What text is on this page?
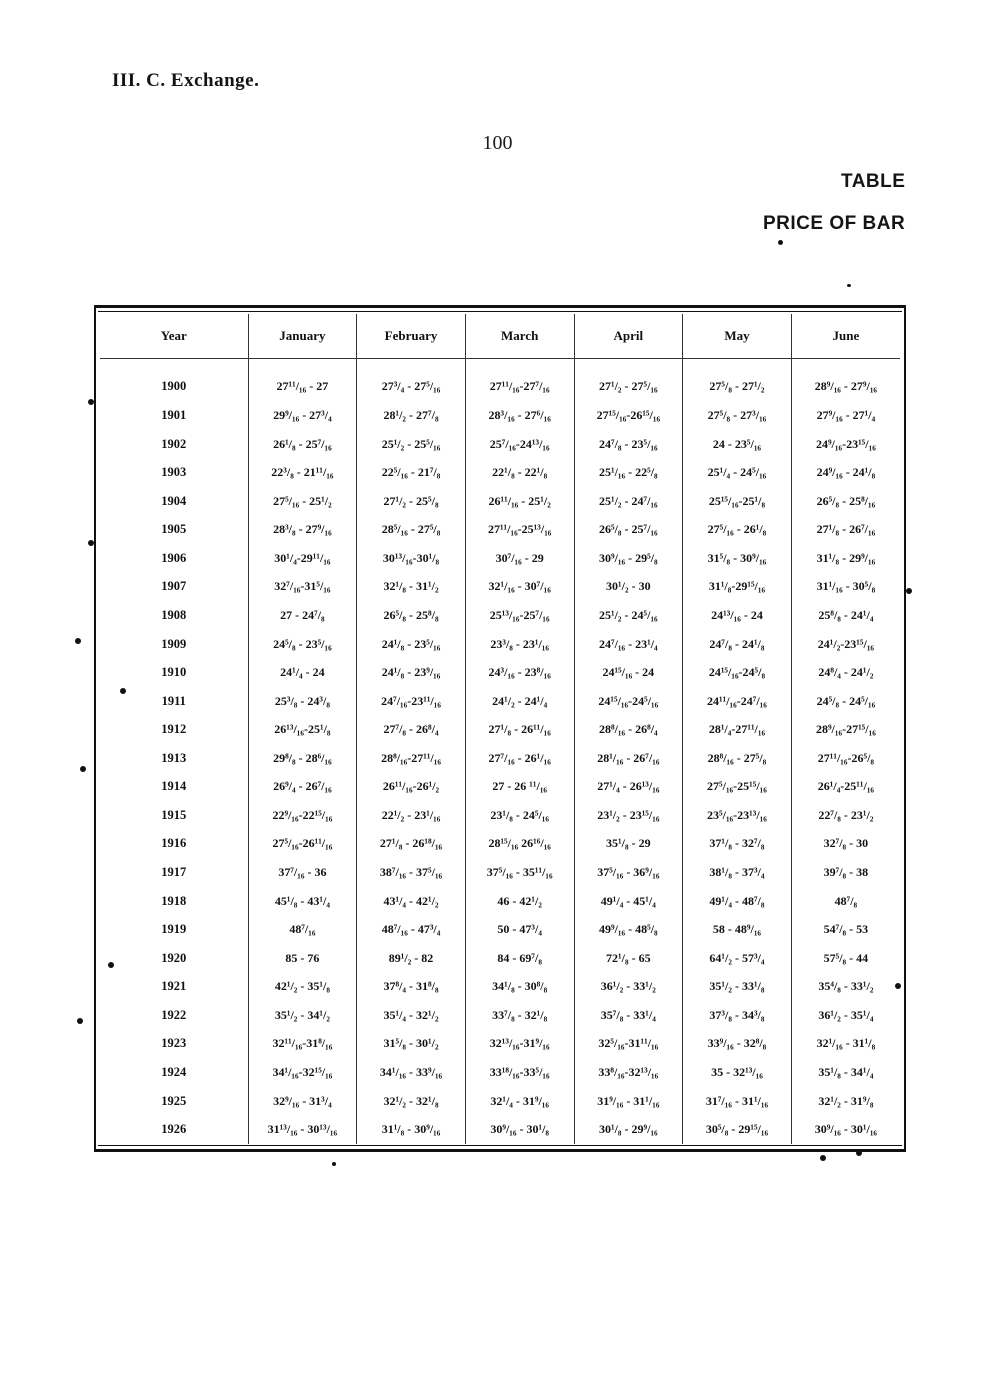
III. C. Exchange.
100
TABLE
PRICE OF BAR
Year	January	February	March	April	May	June

1900	27¹¹/₁₆ - 27	27³/₄ - 27⁵/₁₆	27¹¹/₁₆-27⁷/₁₆	27¹/₂ - 27⁵/₁₆	27⁵/₈ - 27¹/₂	28⁹/₁₆ - 27⁹/₁₆
1901	29⁹/₁₆ - 27³/₄	28¹/₂ - 27⁷/₈	28³/₁₆ - 27⁶/₁₆	27¹⁵/₁₆-26¹⁵/₁₆	27⁵/₈ - 27³/₁₆	27⁹/₁₆ - 27¹/₄
1902	26¹/₈ - 25⁷/₁₆	25¹/₂ - 25⁵/₁₆	25⁷/₁₆-24¹³/₁₆	24⁷/₈ - 23⁵/₁₆	24 - 23⁵/₁₆	24⁹/₁₆-23¹⁵/₁₆
1903	22³/₈ - 21¹¹/₁₆	22⁵/₁₆ - 21⁷/₈	22¹/₈ - 22¹/₈	25¹/₁₆ - 22⁵/₈	25¹/₄ - 24⁵/₁₆	24⁹/₁₆ - 24¹/₈
1904	27⁵/₁₆ - 25¹/₂	27¹/₂ - 25⁵/₈	26¹¹/₁₆ - 25¹/₂	25¹/₂ - 24⁷/₁₆	25¹⁵/₁₆-25¹/₈	26⁵/₈ - 25⁸/₁₆
1905	28³/₈ - 27⁹/₁₆	28⁵/₁₆ - 27⁵/₈	27¹¹/₁₆-25¹³/₁₆	26⁵/₈ - 25⁷/₁₆	27⁵/₁₆ - 26¹/₈	27¹/₈ - 26⁷/₁₆
1906	30¹/₄-29¹¹/₁₆	30¹³/₁₆-30¹/₈	30⁷/₁₆ - 29	30⁹/₁₆ - 29⁵/₈	31⁵/₈ - 30⁹/₁₆	31¹/₈ - 29⁹/₁₆
1907	32⁷/₁₆-31⁵/₁₆	32¹/₈ - 31¹/₂	32¹/₁₆ - 30⁷/₁₆	30¹/₂ - 30	31¹/₈-29¹⁵/₁₆	31¹/₁₆ - 30⁵/₈
1908	27 - 24⁷/₈	26⁵/₈ - 25⁸/₈	25¹³/₁₆-25⁷/₁₆	25¹/₂ - 24⁵/₁₆	24¹³/₁₆ - 24	25⁸/₈ - 24¹/₄
1909	24⁵/₈ - 23⁵/₁₆	24¹/₈ - 23⁵/₁₆	23³/₈ - 23¹/₁₆	24⁷/₁₆ - 23¹/₄	24⁷/₈ - 24¹/₈	24¹/₂-23¹⁵/₁₆
1910	24¹/₄ - 24	24¹/₈ - 23⁹/₁₆	24³/₁₆ - 23⁸/₁₆	24¹⁵/₁₆ - 24	24¹⁵/₁₆-24⁵/₈	24⁸/₄ - 24¹/₂
1911	25³/₈ - 24³/₈	24⁷/₁₆-23¹¹/₁₆	24¹/₂ - 24¹/₄	24¹⁵/₁₆-24⁵/₁₆	24¹¹/₁₆-24⁷/₁₆	24⁵/₈ - 24⁵/₁₆
1912	26¹³/₁₆-25¹/₈	27⁷/₈ - 26⁸/₄	27¹/₈ - 26¹¹/₁₆	28⁸/₁₆ - 26⁸/₄	28¹/₄-27¹¹/₁₆	28⁹/₁₆-27¹⁵/₁₆
1913	29⁸/₈ - 28⁶/₁₆	28⁸/₁₆-27¹¹/₁₆	27⁷/₁₆ - 26¹/₁₆	28¹/₁₆ - 26⁷/₁₆	28⁸/₁₆ - 27⁵/₈	27¹¹/₁₆-26⁵/₈
1914	26⁹/₄ - 26⁷/₁₆	26¹¹/₁₆-26¹/₂	27 - 26 ¹¹/₁₆	27¹/₄ - 26¹³/₁₆	27⁵/₁₆-25¹⁵/₁₆	26¹/₄-25¹¹/₁₆
1915	22⁹/₁₆-22¹⁵/₁₆	22¹/₂ - 23¹/₁₆	23¹/₈ - 24⁵/₁₆	23¹/₂ - 23¹⁵/₁₆	23⁵/₁₆-23¹³/₁₆	22⁷/₈ - 23¹/₂
1916	27⁵/₁₆-26¹¹/₁₆	27¹/₈ - 26¹⁸/₁₆	28¹⁵/₁₆ 26¹⁶/₁₆	35¹/₈ - 29	37¹/₈ - 32⁷/₈	32⁷/₈ - 30
1917	37⁷/₁₆ - 36	38⁷/₁₆ - 37⁵/₁₆	37⁵/₁₆ - 35¹¹/₁₆	37⁵/₁₆ - 36⁹/₁₆	38¹/₈ - 37³/₄	39⁷/₈ - 38
1918	45¹/₈ - 43¹/₄	43¹/₄ - 42¹/₂	46 - 42¹/₂	49¹/₄ - 45¹/₄	49¹/₄ - 48⁷/₈	48⁷/₈
1919	48⁷/₁₆	48⁷/₁₆ - 47³/₄	50 - 47³/₄	49⁹/₁₆ - 48⁵/₈	58 - 48⁹/₁₆	54⁷/₈ - 53
1920	85 - 76	89¹/₂ - 82	84 - 69⁷/₈	72¹/₈ - 65	64¹/₂ - 57³/₄	57⁵/₈ - 44
1921	42¹/₂ - 35¹/₈	37⁸/₄ - 31⁸/₈	34¹/₈ - 30⁸/₈	36¹/₂ - 33¹/₂	35¹/₂ - 33¹/₈	35⁴/₈ - 33¹/₂
1922	35¹/₂ - 34¹/₂	35¹/₄ - 32¹/₂	33⁷/₈ - 32¹/₈	35⁷/₈ - 33¹/₄	37³/₈ - 34³/₈	36¹/₂ - 35¹/₄
1923	32¹¹/₁₆-31⁸/₁₆	31⁵/₈ - 30¹/₂	32¹³/₁₆-31⁹/₁₆	32⁵/₁₆-31¹¹/₁₆	33⁹/₁₆ - 32⁸/₈	32¹/₁₆ - 31¹/₈
1924	34¹/₁₆-32¹⁵/₁₆	34¹/₁₆ - 33⁹/₁₆	33¹⁸/₁₆-33⁵/₁₆	33⁸/₁₆-32¹³/₁₆	35 - 32¹³/₁₆	35¹/₈ - 34¹/₄
1925	32⁹/₁₆ - 31³/₄	32¹/₂ - 32¹/₈	32¹/₄ - 31⁹/₁₆	31⁹/₁₆ - 31¹/₁₆	31⁷/₁₆ - 31¹/₁₆	32¹/₂ - 31⁹/₈
1926	31¹³/₁₆ - 30¹³/₁₆	31¹/₈ - 30⁹/₁₆	30⁹/₁₆ - 30¹/₈	30¹/₈ - 29⁹/₁₆	30⁵/₈ - 29¹⁵/₁₆	30⁹/₁₆ - 30¹/₁₆
